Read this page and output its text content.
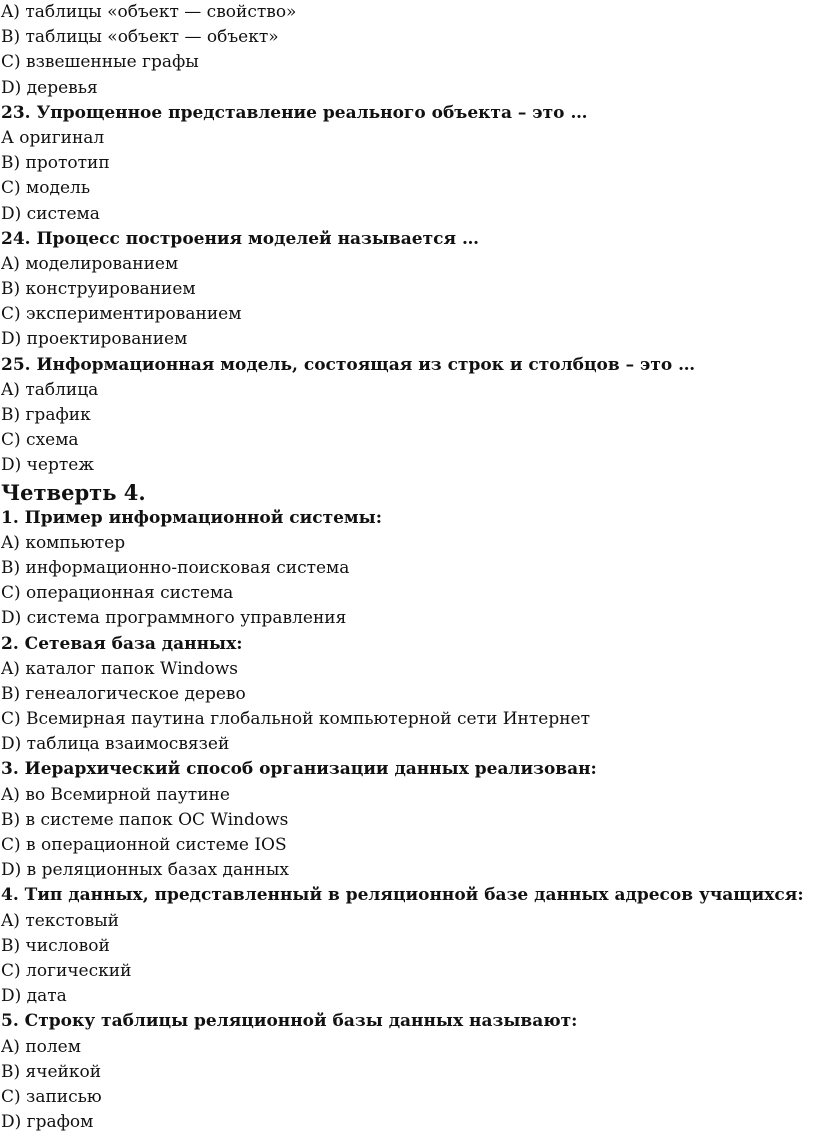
A) таблицы «объект — свойство»
B) таблицы «объект — объект»
C) взвешенные графы
D) деревья
23. Упрощенное представление реального объекта – это …
А оригинал
B) прототип
C) модель
D) система
24. Процесс построения моделей называется …
A) моделированием
B) конструированием
C) экспериментированием
D) проектированием
25. Информационная модель, состоящая из строк и столбцов – это …
A) таблица
B) график
C) схема
D) чертеж
Четверть 4.
1. Пример информационной системы:
A) компьютер
B) информационно-поисковая система
C) операционная система
D) система программного управления
2. Сетевая база данных:
A) каталог папок Windows
B) генеалогическое дерево
C) Всемирная паутина глобальной компьютерной сети Интернет
D) таблица взаимосвязей
3. Иерархический способ организации данных реализован:
A) во Всемирной паутине
B) в системе папок ОС Windows
C) в операционной системе IOS
D) в реляционных базах данных
4. Тип данных, представленный в реляционной базе данных адресов учащихся:
A) текстовый
B) числовой
C) логический
D) дата
5. Строку таблицы реляционной базы данных называют:
A) полем
B) ячейкой
C) записью
D) графом
